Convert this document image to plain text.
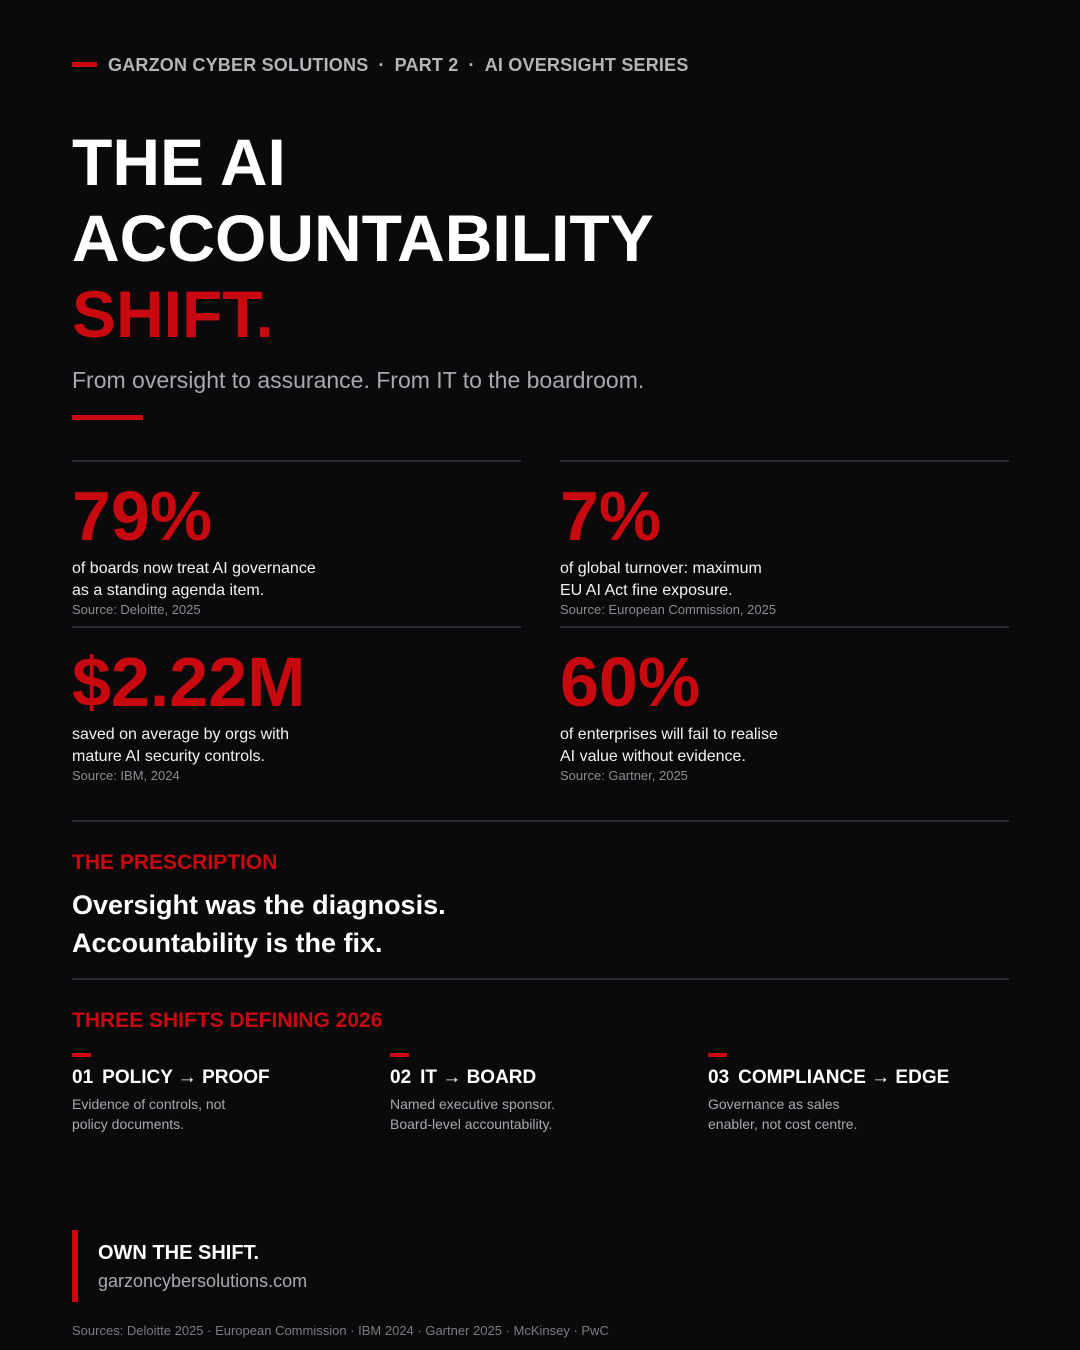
GARZON CYBER SOLUTIONS · PART 2 · AI OVERSIGHT SERIES
THE AI
ACCOUNTABILITY
SHIFT.
From oversight to assurance. From IT to the boardroom.
79%
of boards now treat AI governance
as a standing agenda item.
Source: Deloitte, 2025
7%
of global turnover: maximum
EU AI Act fine exposure.
Source: European Commission, 2025
$2.22M
saved on average by orgs with
mature AI security controls.
Source: IBM, 2024
60%
of enterprises will fail to realise
AI value without evidence.
Source: Gartner, 2025
THE PRESCRIPTION
Oversight was the diagnosis.
Accountability is the fix.
THREE SHIFTS DEFINING 2026
01 POLICY → PROOF
Evidence of controls, not
policy documents.
02 IT → BOARD
Named executive sponsor.
Board-level accountability.
03 COMPLIANCE → EDGE
Governance as sales
enabler, not cost centre.
OWN THE SHIFT.
garzoncybersolutions.com
Sources: Deloitte 2025 · European Commission · IBM 2024 · Gartner 2025 · McKinsey · PwC
